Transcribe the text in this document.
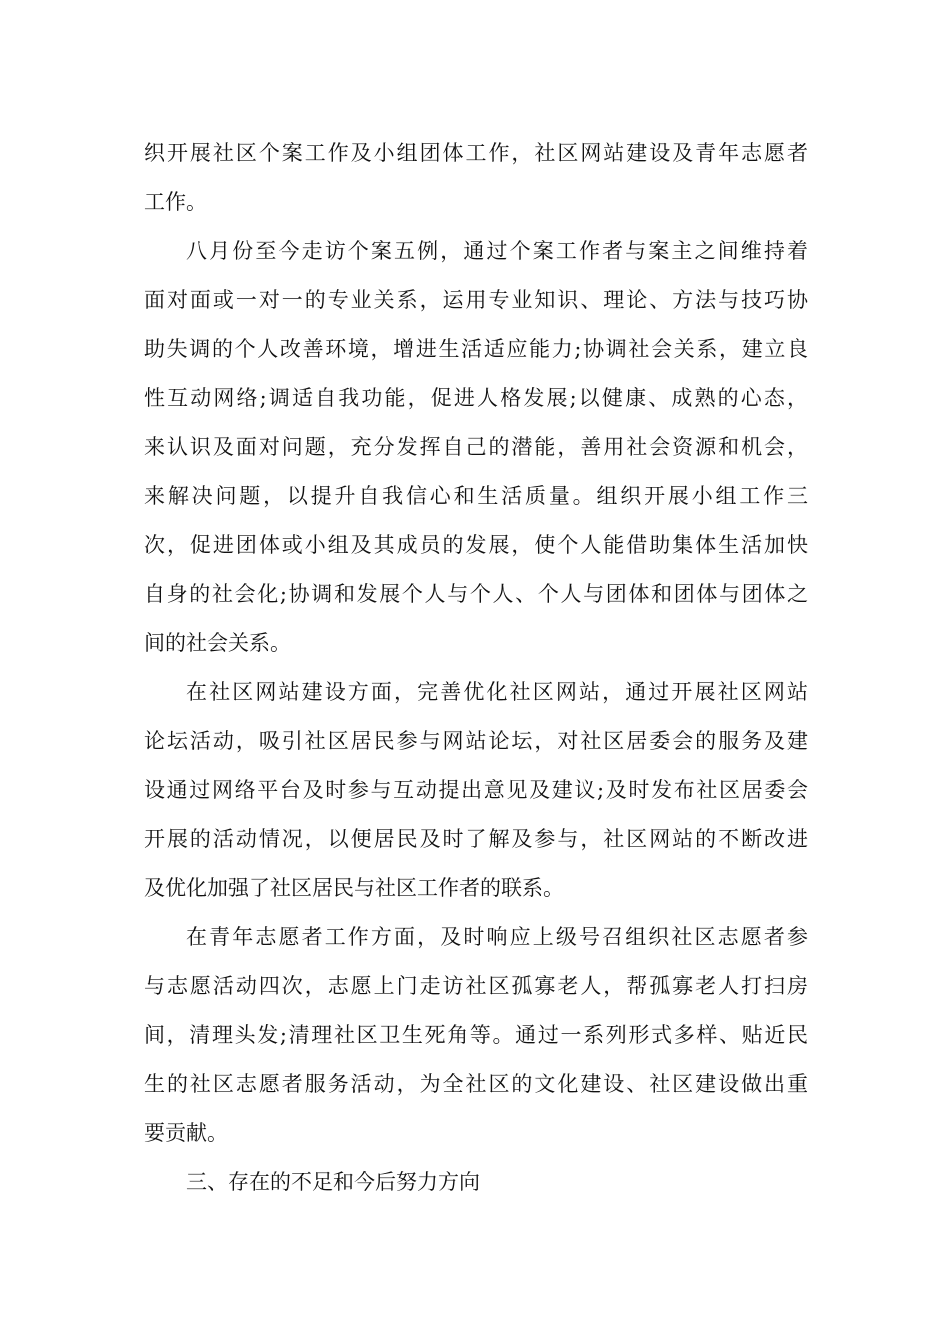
织开展社区个案工作及小组团体工作，社区网站建设及青年志愿者
工作。
八月份至今走访个案五例，通过个案工作者与案主之间维持着
面对面或一对一的专业关系，运用专业知识、理论、方法与技巧协
助失调的个人改善环境，增进生活适应能力;协调社会关系，建立良
性互动网络;调适自我功能，促进人格发展;以健康、成熟的心态，
来认识及面对问题，充分发挥自己的潜能，善用社会资源和机会，
来解决问题，以提升自我信心和生活质量。组织开展小组工作三
次，促进团体或小组及其成员的发展，使个人能借助集体生活加快
自身的社会化;协调和发展个人与个人、个人与团体和团体与团体之
间的社会关系。
在社区网站建设方面，完善优化社区网站，通过开展社区网站
论坛活动，吸引社区居民参与网站论坛，对社区居委会的服务及建
设通过网络平台及时参与互动提出意见及建议;及时发布社区居委会
开展的活动情况，以便居民及时了解及参与，社区网站的不断改进
及优化加强了社区居民与社区工作者的联系。
在青年志愿者工作方面，及时响应上级号召组织社区志愿者参
与志愿活动四次，志愿上门走访社区孤寡老人，帮孤寡老人打扫房
间，清理头发;清理社区卫生死角等。通过一系列形式多样、贴近民
生的社区志愿者服务活动，为全社区的文化建设、社区建设做出重
要贡献。
三、存在的不足和今后努力方向
